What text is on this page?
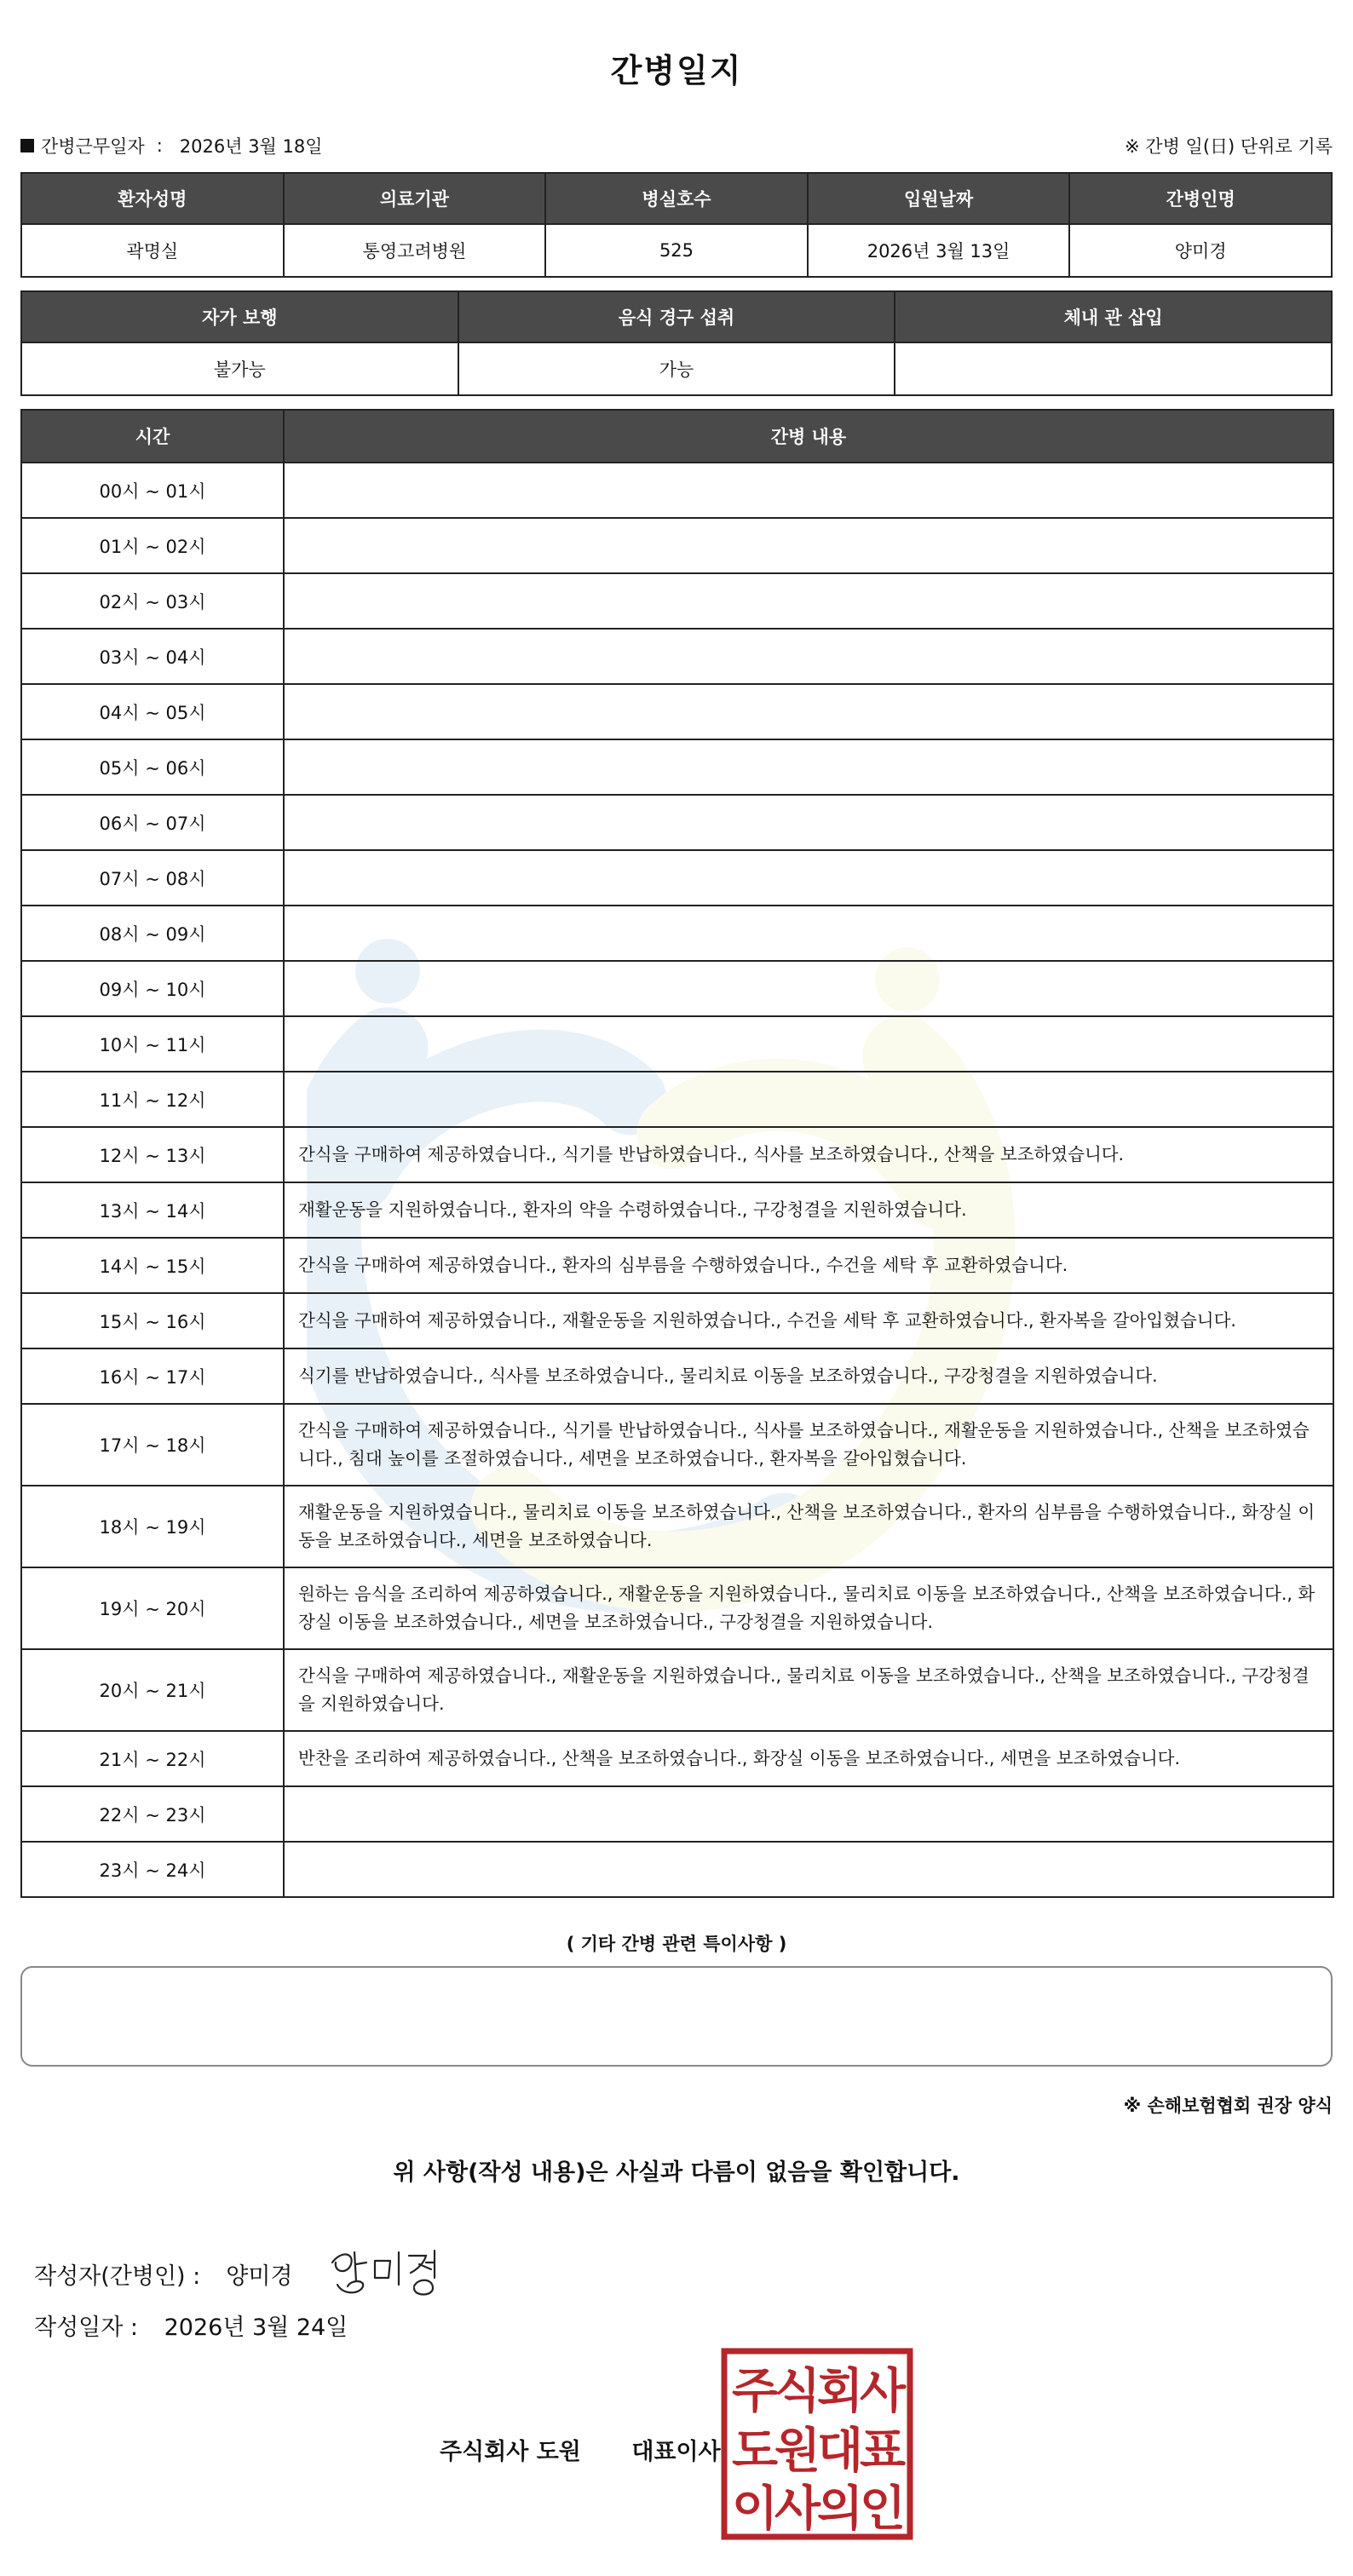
간병일지
간병근무일자 : 2026년 3월 18일	※ 간병 일(日) 단위로 기록
환자성명	의료기관	병실호수	입원날짜	간병인명
곽명실	통영고려병원	525	2026년 3월 13일	양미경
자가 보행	음식 경구 섭취	체내 관 삽입
불가능	가능	
시간	간병 내용
00시 ~ 01시	
01시 ~ 02시	
02시 ~ 03시	
03시 ~ 04시	
04시 ~ 05시	
05시 ~ 06시	
06시 ~ 07시	
07시 ~ 08시	
08시 ~ 09시	
09시 ~ 10시	
10시 ~ 11시	
11시 ~ 12시	
12시 ~ 13시	간식을 구매하여 제공하였습니다., 식기를 반납하였습니다., 식사를 보조하였습니다., 산책을 보조하였습니다.
13시 ~ 14시	재활운동을 지원하였습니다., 환자의 약을 수령하였습니다., 구강청결을 지원하였습니다.
14시 ~ 15시	간식을 구매하여 제공하였습니다., 환자의 심부름을 수행하였습니다., 수건을 세탁 후 교환하였습니다.
15시 ~ 16시	간식을 구매하여 제공하였습니다., 재활운동을 지원하였습니다., 수건을 세탁 후 교환하였습니다., 환자복을 갈아입혔습니다.
16시 ~ 17시	식기를 반납하였습니다., 식사를 보조하였습니다., 물리치료 이동을 보조하였습니다., 구강청결을 지원하였습니다.
17시 ~ 18시	간식을 구매하여 제공하였습니다., 식기를 반납하였습니다., 식사를 보조하였습니다., 재활운동을 지원하였습니다., 산책을 보조하였습니다., 침대 높이를 조절하였습니다., 세면을 보조하였습니다., 환자복을 갈아입혔습니다.
18시 ~ 19시	재활운동을 지원하였습니다., 물리치료 이동을 보조하였습니다., 산책을 보조하였습니다., 환자의 심부름을 수행하였습니다., 화장실 이동을 보조하였습니다., 세면을 보조하였습니다.
19시 ~ 20시	원하는 음식을 조리하여 제공하였습니다., 재활운동을 지원하였습니다., 물리치료 이동을 보조하였습니다., 산책을 보조하였습니다., 화장실 이동을 보조하였습니다., 세면을 보조하였습니다., 구강청결을 지원하였습니다.
20시 ~ 21시	간식을 구매하여 제공하였습니다., 재활운동을 지원하였습니다., 물리치료 이동을 보조하였습니다., 산책을 보조하였습니다., 구강청결을 지원하였습니다.
21시 ~ 22시	반찬을 조리하여 제공하였습니다., 산책을 보조하였습니다., 화장실 이동을 보조하였습니다., 세면을 보조하였습니다.
22시 ~ 23시	
23시 ~ 24시	
( 기타 간병 관련 특이사항 )
※ 손해보험협회 권장 양식
위 사항(작성 내용)은 사실과 다름이 없음을 확인합니다.
작성자(간병인) : 양미경
작성일자 : 2026년 3월 24일
주식회사 도원 대표이사
주
식
회
사
도
원
대
표
이
사
의
인
